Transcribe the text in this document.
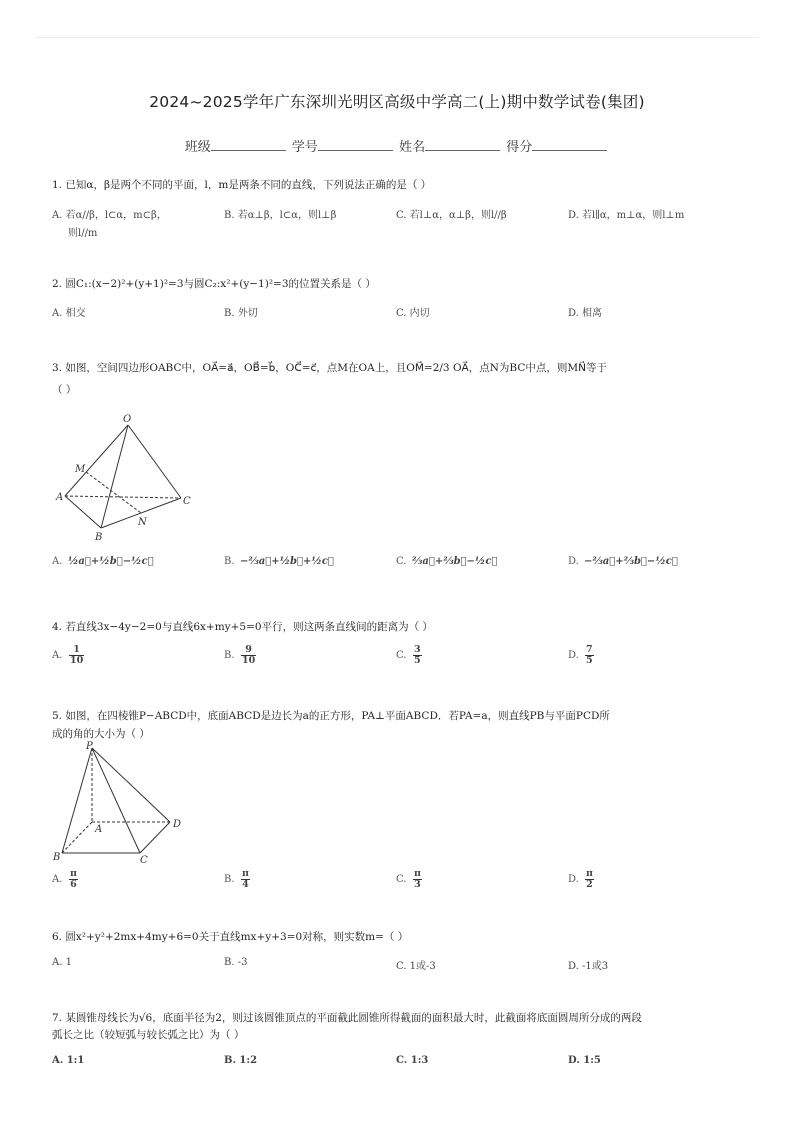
2024~2025学年广东深圳光明区高级中学高二(上)期中数学试卷(集团)
班级	学号	姓名	得分
1. 已知α，β是两个不同的平面，l，m是两条不同的直线，下列说法正确的是（ ）
A. 若α//β，l⊂α，m⊂β，	B. 若α⊥β，l⊂α，则l⊥β	C. 若l⊥α，α⊥β，则l//β	D. 若l∥α，m⊥α，则l⊥m
则l//m
2. 圆C₁:(x−2)²+(y+1)²=3与圆C₂:x²+(y−1)²=3的位置关系是（ ）
A. 相交	B. 外切	C. 内切	D. 相离
3. 如图，空间四边形OABC中，OA⃗=a⃗，OB⃗=b⃗，OC⃗=c⃗，点M在OA上，且OM⃗=2/3 OA⃗，点N为BC中点，则MN⃗等于
（ ）
O
M
A
B
C
N
A. ½a⃗+½b⃗−½c⃗	B. −⅔a⃗+½b⃗+½c⃗	C. ⅔a⃗+⅔b⃗−½c⃗	D. −⅔a⃗+⅔b⃗−½c⃗
4. 若直线3x−4y−2=0与直线6x+my+5=0平行，则这两条直线间的距离为（ ）
A. $\frac{1}{10}$	B. $\frac{9}{10}$	C. $\frac{3}{5}$	D. $\frac{7}{5}$
5. 如图，在四棱锥P−ABCD中，底面ABCD是边长为a的正方形，PA⊥平面ABCD．若PA=a，则直线PB与平面PCD所
成的角的大小为（ ）
P
A
B	C
D
A. $\frac{\pi}{6}$	B. $\frac{\pi}{4}$	C. $\frac{\pi}{3}$	D. $\frac{\pi}{2}$
6. 圆x²+y²+2mx+4my+6=0关于直线mx+y+3=0对称，则实数m=（ ）
A. 1	B. -3	C. 1或-3	D. -1或3
7. 某圆锥母线长为√6，底面半径为2，则过该圆锥顶点的平面截此圆锥所得截面的面积最大时，此截面将底面圆周所分成的两段
弧长之比（较短弧与较长弧之比）为（ ）
A. 1:1	B. 1:2	C. 1:3	D. 1:5
